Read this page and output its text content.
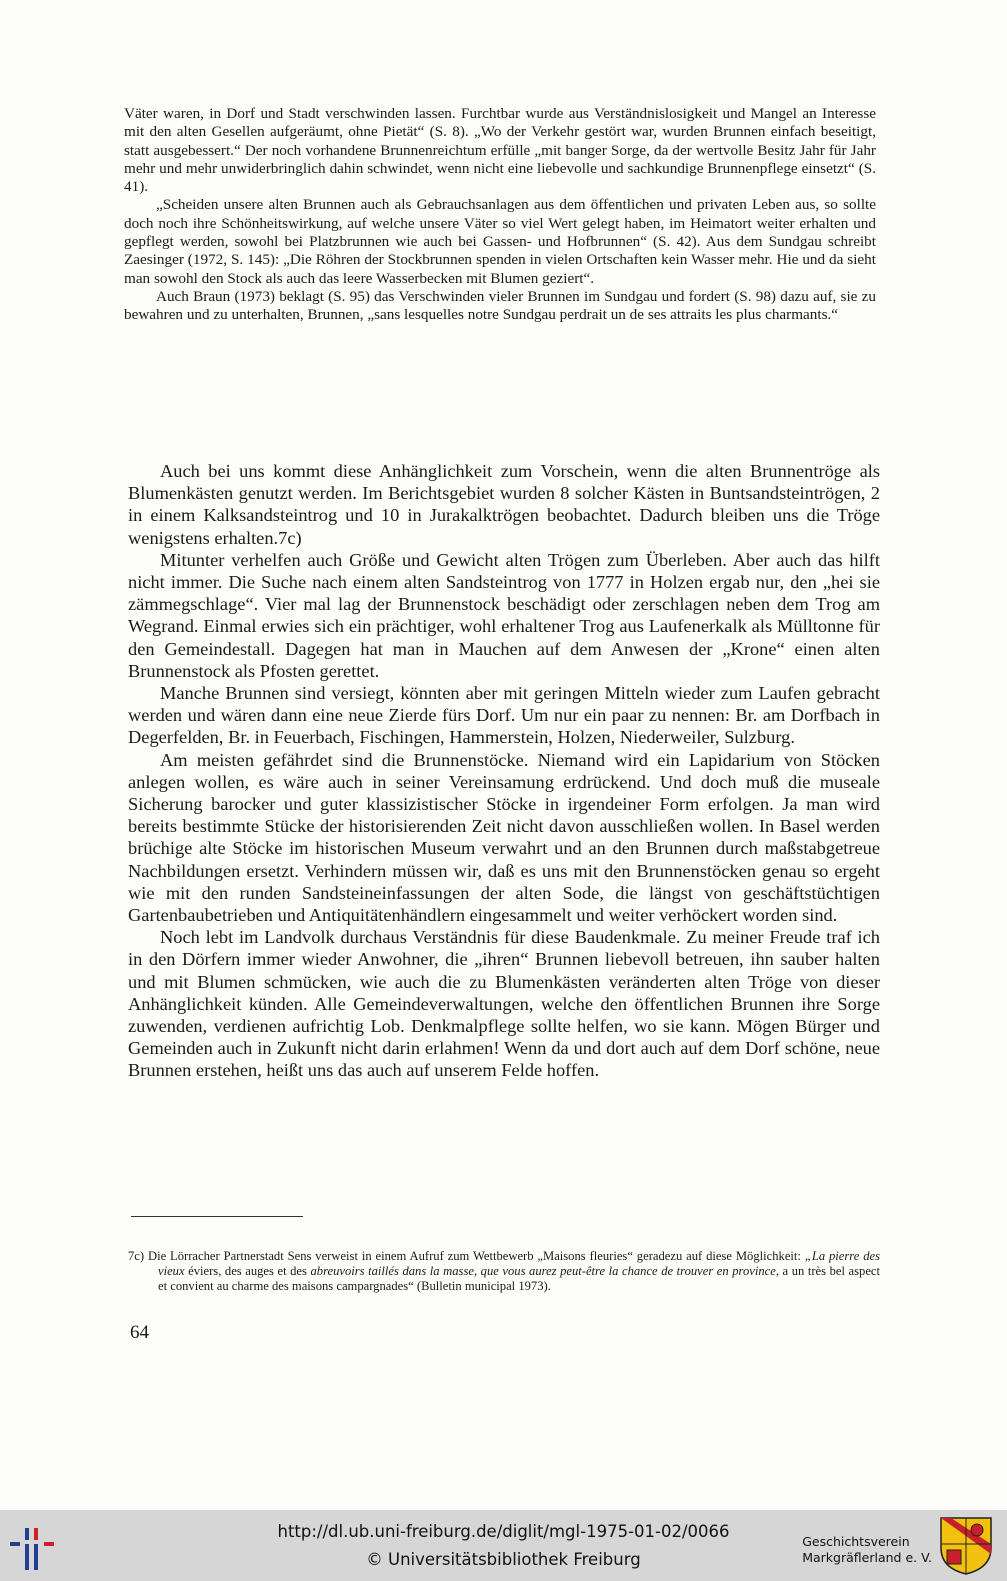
Väter waren, in Dorf und Stadt verschwinden lassen. Furchtbar wurde aus Verständnislosigkeit und Mangel an Interesse mit den alten Gesellen aufgeräumt, ohne Pietät“ (S. 8). „Wo der Verkehr gestört war, wurden Brunnen einfach beseitigt, statt ausgebessert.“ Der noch vorhandene Brunnenreichtum erfülle „mit banger Sorge, da der wertvolle Besitz Jahr für Jahr mehr und mehr unwiderbringlich dahin schwindet, wenn nicht eine liebevolle und sachkundige Brunnenpflege einsetzt“ (S. 41).

„Scheiden unsere alten Brunnen auch als Gebrauchsanlagen aus dem öffentlichen und privaten Leben aus, so sollte doch noch ihre Schönheitswirkung, auf welche unsere Väter so viel Wert gelegt haben, im Heimatort weiter erhalten und gepflegt werden, sowohl bei Platzbrunnen wie auch bei Gassen- und Hofbrunnen“ (S. 42). Aus dem Sundgau schreibt Zaesinger (1972, S. 145): „Die Röhren der Stockbrunnen spenden in vielen Ortschaften kein Wasser mehr. Hie und da sieht man sowohl den Stock als auch das leere Wasserbecken mit Blumen geziert“.

Auch Braun (1973) beklagt (S. 95) das Verschwinden vieler Brunnen im Sundgau und fordert (S. 98) dazu auf, sie zu bewahren und zu unterhalten, Brunnen, „sans lesquelles notre Sundgau perdrait un de ses attraits les plus charmants.“

Auch bei uns kommt diese Anhänglichkeit zum Vorschein, wenn die alten Brunnentröge als Blumenkästen genutzt werden. Im Berichtsgebiet wurden 8 solcher Kästen in Buntsandsteintrögen, 2 in einem Kalksandsteintrog und 10 in Jurakalktrögen beobachtet. Dadurch bleiben uns die Tröge wenigstens erhalten.7c)

Mitunter verhelfen auch Größe und Gewicht alten Trögen zum Überleben. Aber auch das hilft nicht immer. Die Suche nach einem alten Sandsteintrog von 1777 in Holzen ergab nur, den „hei sie zämmegschlage“. Vier mal lag der Brunnenstock beschädigt oder zerschlagen neben dem Trog am Wegrand. Einmal erwies sich ein prächtiger, wohl erhaltener Trog aus Laufenerkalk als Mülltonne für den Gemeindestall. Dagegen hat man in Mauchen auf dem Anwesen der „Krone“ einen alten Brunnenstock als Pfosten gerettet.

Manche Brunnen sind versiegt, könnten aber mit geringen Mitteln wieder zum Laufen gebracht werden und wären dann eine neue Zierde fürs Dorf. Um nur ein paar zu nennen: Br. am Dorfbach in Degerfelden, Br. in Feuerbach, Fischingen, Hammerstein, Holzen, Niederweiler, Sulzburg.

Am meisten gefährdet sind die Brunnenstöcke. Niemand wird ein Lapidarium von Stöcken anlegen wollen, es wäre auch in seiner Vereinsamung erdrückend. Und doch muß die museale Sicherung barocker und guter klassizistischer Stöcke in irgendeiner Form erfolgen. Ja man wird bereits bestimmte Stücke der historisierenden Zeit nicht davon ausschließen wollen. In Basel werden brüchige alte Stöcke im historischen Museum verwahrt und an den Brunnen durch maßstabgetreue Nachbildungen ersetzt. Verhindern müssen wir, daß es uns mit den Brunnenstöcken genau so ergeht wie mit den runden Sandsteineinfassungen der alten Sode, die längst von geschäftstüchtigen Gartenbaubetrieben und Antiquitätenhändlern eingesammelt und weiter verhöckert worden sind.

Noch lebt im Landvolk durchaus Verständnis für diese Baudenkmale. Zu meiner Freude traf ich in den Dörfern immer wieder Anwohner, die „ihren“ Brunnen liebevoll betreuen, ihn sauber halten und mit Blumen schmücken, wie auch die zu Blumenkästen veränderten alten Tröge von dieser Anhänglichkeit künden. Alle Gemeindeverwaltungen, welche den öffentlichen Brunnen ihre Sorge zuwenden, verdienen aufrichtig Lob. Denkmalpflege sollte helfen, wo sie kann. Mögen Bürger und Gemeinden auch in Zukunft nicht darin erlahmen! Wenn da und dort auch auf dem Dorf schöne, neue Brunnen erstehen, heißt uns das auch auf unserem Felde hoffen.

7c) Die Lörracher Partnerstadt Sens verweist in einem Aufruf zum Wettbewerb „Maisons fleuries“ geradezu auf diese Möglichkeit: „La pierre des vieux éviers, des auges et des abreuvoirs taillés dans la masse, que vous aurez peut-être la chance de trouver en province, a un très bel aspect et convient au charme des maisons campargnades“ (Bulletin municipal 1973).
64
http://dl.ub.uni-freiburg.de/diglit/mgl-1975-01-02/0066
© Universitätsbibliothek Freiburg
Geschichtsverein
Markgräflerland e. V.
